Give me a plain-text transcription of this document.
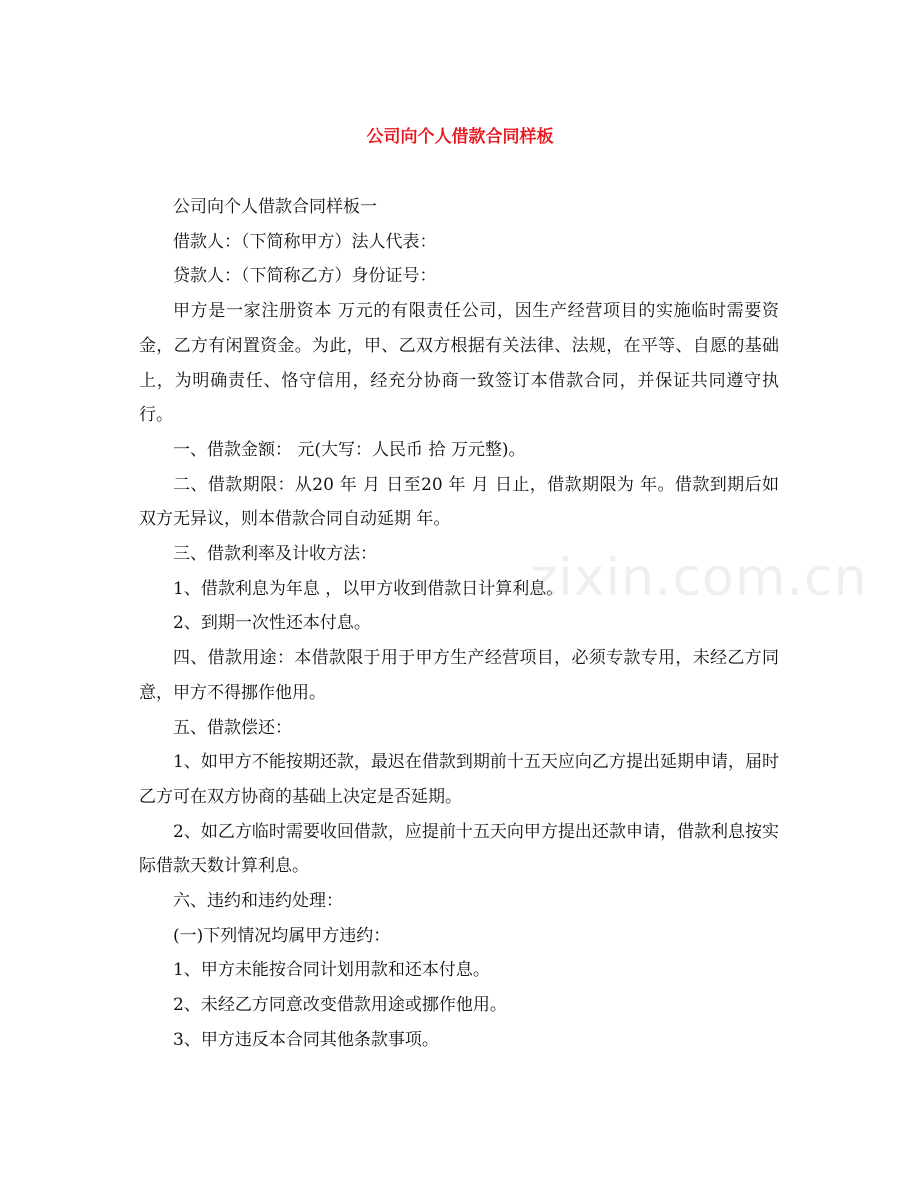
公司向个人借款合同样板

公司向个人借款合同样板一

借款人：（下简称甲方）法人代表：

贷款人：（下简称乙方）身份证号：

甲方是一家注册资本 万元的有限责任公司，因生产经营项目的实施临时需要资金，乙方有闲置资金。为此，甲、乙双方根据有关法律、法规，在平等、自愿的基础上，为明确责任、恪守信用，经充分协商一致签订本借款合同，并保证共同遵守执行。

一、借款金额： 元(大写：人民币 拾 万元整)。

二、借款期限：从20 年 月 日至20 年 月 日止，借款期限为 年。借款到期后如双方无异议，则本借款合同自动延期 年。

三、借款利率及计收方法：

1、借款利息为年息 ，以甲方收到借款日计算利息。

2、到期一次性还本付息。

四、借款用途：本借款限于用于甲方生产经营项目，必须专款专用，未经乙方同意，甲方不得挪作他用。

五、借款偿还：

1、如甲方不能按期还款，最迟在借款到期前十五天应向乙方提出延期申请，届时乙方可在双方协商的基础上决定是否延期。

2、如乙方临时需要收回借款，应提前十五天向甲方提出还款申请，借款利息按实际借款天数计算利息。

六、违约和违约处理：

(一)下列情况均属甲方违约：

1、甲方未能按合同计划用款和还本付息。

2、未经乙方同意改变借款用途或挪作他用。

3、甲方违反本合同其他条款事项。

zixin.com.cn
